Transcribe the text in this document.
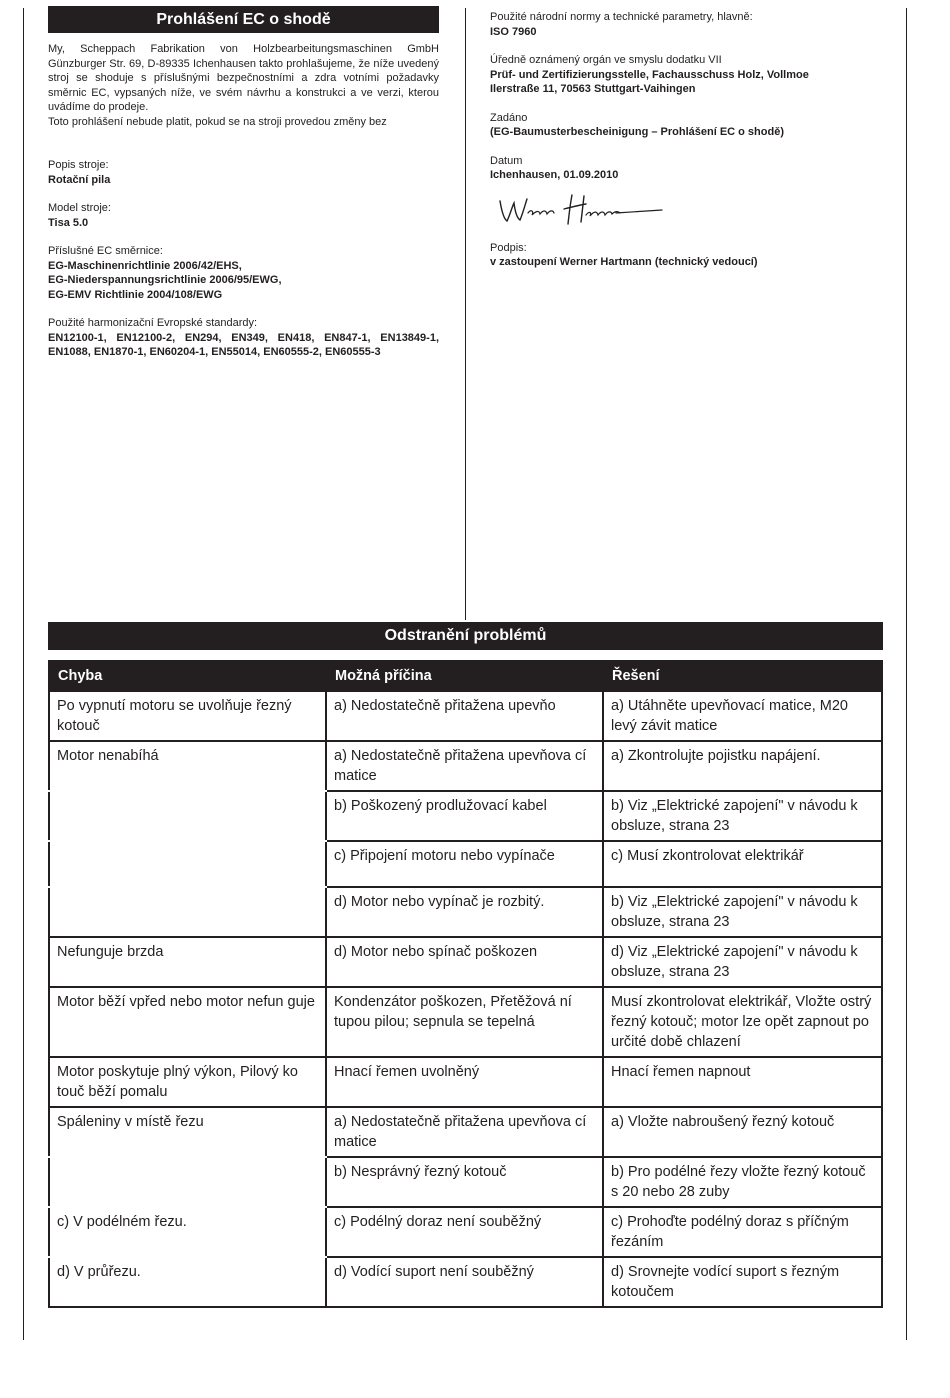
Prohlášení EC o shodě

My, Scheppach Fabrikation von Holzbearbeitungsmaschinen GmbH Günzburger Str. 69, D-89335 Ichenhausen takto prohlašujeme, že níže uvedený stroj se shoduje s příslušnými bezpečnostními a zdra votními požadavky směrnic EC, vypsaných níže, ve svém návrhu a konstrukci a ve verzi, kterou uvádíme do prodeje.

Toto prohlášení nebude platit, pokud se na stroji provedou změny bez

Popis stroje:

Rotační pila

Model stroje:

Tisa 5.0

Příslušné EC směrnice:

EG-Maschinenrichtlinie 2006/42/EHS,

EG-Niederspannungsrichtlinie 2006/95/EWG,

EG-EMV Richtlinie 2004/108/EWG

Použité harmonizační Evropské standardy:

EN12100-1, EN12100-2, EN294, EN349, EN418, EN847-1, EN13849-1, EN1088, EN1870-1, EN60204-1, EN55014, EN60555-2, EN60555-3

Použité národní normy a technické parametry, hlavně:

ISO 7960

Úředně oznámený orgán ve smyslu dodatku VII

Prüf- und Zertifizierungsstelle, Fachausschuss Holz, Vollmoe

Ilerstraße 11, 70563 Stuttgart-Vaihingen

Zadáno

(EG-Baumusterbescheinigung – Prohlášení EC o shodě)

Datum

Ichenhausen, 01.09.2010

Podpis:

v zastoupení Werner Hartmann (technický vedoucí)

Odstranění problémů
Chyba	Možná příčina	Řešení
Po vypnutí motoru se uvolňuje řezný kotouč	a) Nedostatečně přitažena upevňo	a) Utáhněte upevňovací matice, M20 levý závit matice
Motor nenabíhá	a) Nedostatečně přitažena upevňova cí matice	a) Zkontrolujte pojistku napájení.
	b) Poškozený prodlužovací kabel	b) Viz „Elektrické zapojení" v návodu k obsluze, strana 23
	c) Připojení motoru nebo vypínače	c) Musí zkontrolovat elektrikář
	d) Motor nebo vypínač je rozbitý.	b) Viz „Elektrické zapojení" v návodu k obsluze, strana 23
Nefunguje brzda	d) Motor nebo spínač poškozen	d) Viz „Elektrické zapojení" v návodu k obsluze, strana 23
Motor běží vpřed nebo motor nefun guje	Kondenzátor poškozen, Přetěžová ní tupou pilou; sepnula se tepelná	Musí zkontrolovat elektrikář, Vložte ostrý řezný kotouč; motor lze opět zapnout po určité době chlazení
Motor poskytuje plný výkon, Pilový ko touč běží pomalu	Hnací řemen uvolněný	Hnací řemen napnout
Spáleniny v místě řezu	a) Nedostatečně přitažena upevňova cí matice	a) Vložte nabroušený řezný kotouč
	b) Nesprávný řezný kotouč	b) Pro podélné řezy vložte řezný kotouč s 20 nebo 28 zuby
c) V podélném řezu.	c) Podélný doraz není souběžný	c) Prohoďte podélný doraz s příčným řezáním
d) V průřezu.	d) Vodící suport není souběžný	d) Srovnejte vodící suport s řezným kotoučem
